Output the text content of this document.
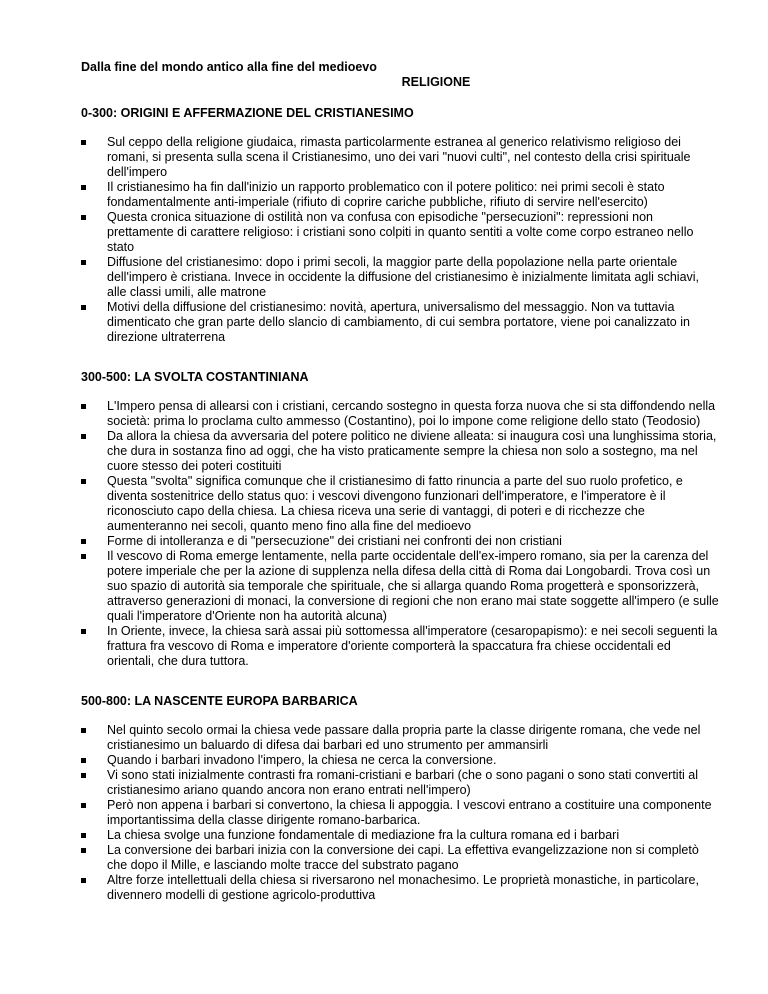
Dalla fine del mondo antico alla fine del medioevo

RELIGIONE

0-300: ORIGINI E AFFERMAZIONE DEL CRISTIANESIMO

Sul ceppo della religione giudaica, rimasta particolarmente estranea al generico relativismo religioso dei romani, si presenta sulla scena il Cristianesimo, uno dei vari "nuovi culti", nel contesto della crisi spirituale dell'impero
Il cristianesimo ha fin dall'inizio un rapporto problematico con il potere politico: nei primi secoli è stato fondamentalmente anti-imperiale (rifiuto di coprire cariche pubbliche, rifiuto di servire nell'esercito)
Questa cronica situazione di ostilità non va confusa con episodiche "persecuzioni": repressioni non prettamente di carattere religioso: i cristiani sono colpiti in quanto sentiti a volte come corpo estraneo nello stato
Diffusione del cristianesimo: dopo i primi secoli, la maggior parte della popolazione nella parte orientale dell'impero è cristiana. Invece in occidente la diffusione del cristianesimo è inizialmente limitata agli schiavi, alle classi umili, alle matrone
Motivi della diffusione del cristianesimo: novità, apertura, universalismo del messaggio. Non va tuttavia dimenticato che gran parte dello slancio di cambiamento, di cui sembra portatore, viene poi canalizzato in direzione ultraterrena

300-500: LA SVOLTA COSTANTINIANA

L'Impero pensa di allearsi con i cristiani, cercando sostegno in questa forza nuova che si sta diffondendo nella società: prima lo proclama culto ammesso (Costantino), poi lo impone come religione dello stato (Teodosio)
Da allora la chiesa da avversaria del potere politico ne diviene alleata: si inaugura così una lunghissima storia, che dura in sostanza fino ad oggi, che ha visto praticamente sempre la chiesa non solo a sostegno, ma nel cuore stesso dei poteri costituiti
Questa "svolta" significa comunque che il cristianesimo di fatto rinuncia a parte del suo ruolo profetico, e diventa sostenitrice dello status quo: i vescovi divengono funzionari dell'imperatore, e l'imperatore è il riconosciuto capo della chiesa. La chiesa riceva una serie di vantaggi, di poteri e di ricchezze che aumenteranno nei secoli, quanto meno fino alla fine del medioevo
Forme di intolleranza e di "persecuzione" dei cristiani nei confronti dei non cristiani
Il vescovo di Roma emerge lentamente, nella parte occidentale dell'ex-impero romano, sia per la carenza del potere imperiale che per la azione di supplenza nella difesa della città di Roma dai Longobardi. Trova così un suo spazio di autorità sia temporale che spirituale, che si allarga quando Roma progetterà e sponsorizzerà, attraverso generazioni di monaci, la conversione di regioni che non erano mai state soggette all'impero (e sulle quali l'imperatore d'Oriente non ha autorità alcuna)
In Oriente, invece, la chiesa sarà assai più sottomessa all'imperatore (cesaropapismo): e nei secoli seguenti la frattura fra vescovo di Roma e imperatore d'oriente comporterà la spaccatura fra chiese occidentali ed orientali, che dura tuttora.

500-800: LA NASCENTE EUROPA BARBARICA

Nel quinto secolo ormai la chiesa vede passare dalla propria parte la classe dirigente romana, che vede nel cristianesimo un baluardo di difesa dai barbari ed uno strumento per ammansirli
Quando i barbari invadono l'impero, la chiesa ne cerca la conversione.
Vi sono stati inizialmente contrasti fra romani-cristiani e barbari (che o sono pagani o sono stati convertiti al cristianesimo ariano quando ancora non erano entrati nell'impero)
Però non appena i barbari si convertono, la chiesa li appoggia. I vescovi entrano a costituire una componente importantissima della classe dirigente romano-barbarica.
La chiesa svolge una funzione fondamentale di mediazione fra la cultura romana ed i barbari
La conversione dei barbari inizia con la conversione dei capi. La effettiva evangelizzazione non si completò che dopo il Mille, e lasciando molte tracce del substrato pagano
Altre forze intellettuali della chiesa si riversarono nel monachesimo. Le proprietà monastiche, in particolare, divennero modelli di gestione agricolo-produttiva
